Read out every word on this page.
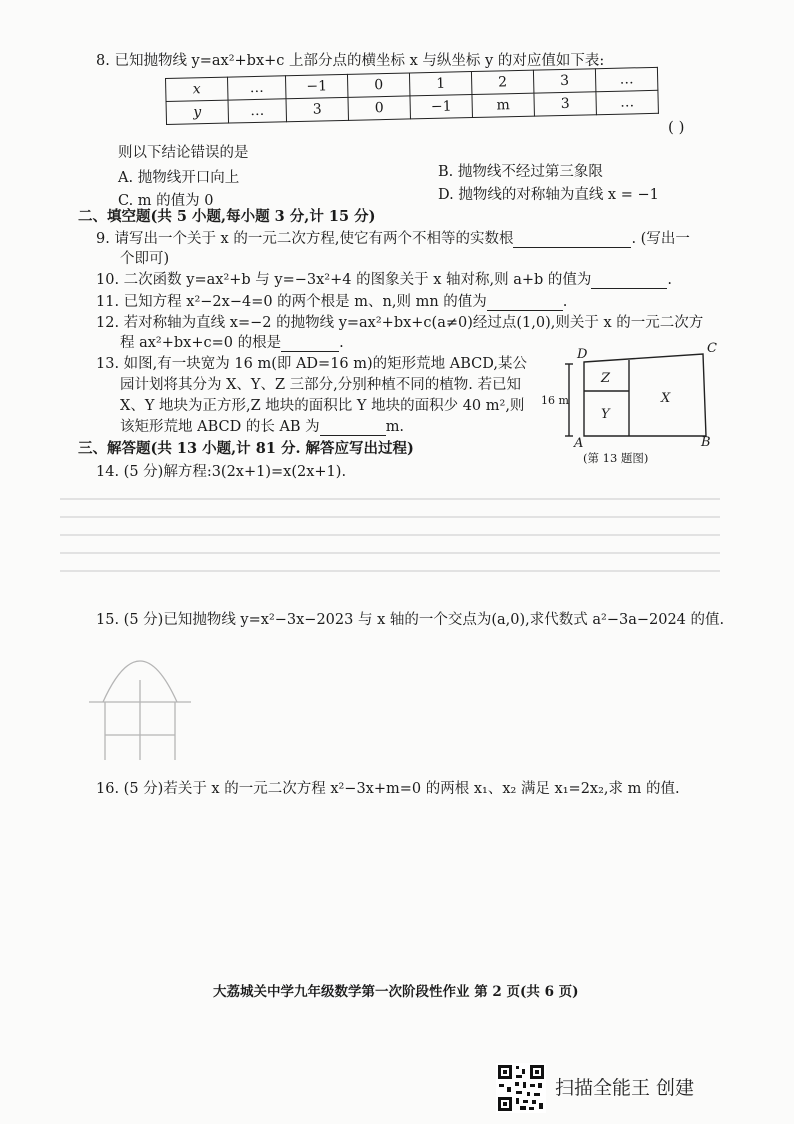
8. 已知抛物线 y=ax²+bx+c 上部分点的横坐标 x 与纵坐标 y 的对应值如下表:
x	…	−1	0	1	2	3	…
y	…	3	0	−1	m	3	…
( )
则以下结论错误的是
A. 抛物线开口向上	B. 抛物线不经过第三象限
C. m 的值为 0	D. 抛物线的对称轴为直线 x = −1
二、填空题(共 5 小题,每小题 3 分,计 15 分)
9. 请写出一个关于 x 的一元二次方程,使它有两个不相等的实数根	. (写出一
个即可)
10. 二次函数 y=ax²+b 与 y=−3x²+4 的图象关于 x 轴对称,则 a+b 的值为	.
11. 已知方程 x²−2x−4=0 的两个根是 m、n,则 mn 的值为	.
12. 若对称轴为直线 x=−2 的抛物线 y=ax²+bx+c(a≠0)经过点(1,0),则关于 x 的一元二次方
程 ax²+bx+c=0 的根是	.
13. 如图,有一块宽为 16 m(即 AD=16 m)的矩形荒地 ABCD,某公
园计划将其分为 X、Y、Z 三部分,分别种植不同的植物. 若已知
X、Y 地块为正方形,Z 地块的面积比 Y 地块的面积少 40 m²,则
该矩形荒地 ABCD 的长 AB 为	m.
D	C
A	B
Z
Y
X
16 m
(第 13 题图)
三、解答题(共 13 小题,计 81 分. 解答应写出过程)
14. (5 分)解方程:3(2x+1)=x(2x+1).
15. (5 分)已知抛物线 y=x²−3x−2023 与 x 轴的一个交点为(a,0),求代数式 a²−3a−2024 的值.
16. (5 分)若关于 x 的一元二次方程 x²−3x+m=0 的两根 x₁、x₂ 满足 x₁=2x₂,求 m 的值.
大荔城关中学九年级数学第一次阶段性作业 第 2 页(共 6 页)
扫描全能王 创建
